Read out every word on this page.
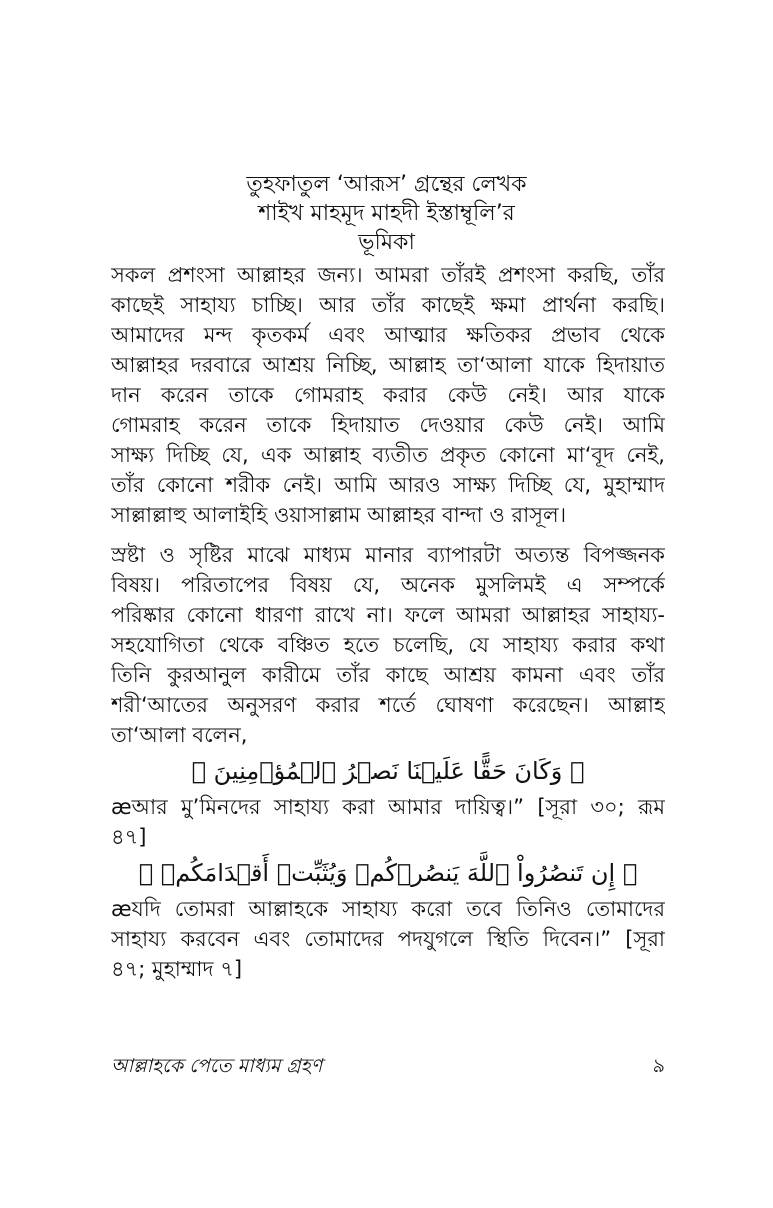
তুহফাতুল ‘আরূস’ গ্রন্থের লেখক
শাইখ মাহমূদ মাহদী ইস্তাম্বূলি’র
ভূমিকা
সকল প্রশংসা আল্লাহর জন্য। আমরা তাঁরই প্রশংসা করছি, তাঁর
কাছেই সাহায্য চাচ্ছি। আর তাঁর কাছেই ক্ষমা প্রার্থনা করছি।
আমাদের মন্দ কৃতকর্ম এবং আত্মার ক্ষতিকর প্রভাব থেকে
আল্লাহর দরবারে আশ্রয় নিচ্ছি, আল্লাহ তা‘আলা যাকে হিদায়াত
দান করেন তাকে গোমরাহ করার কেউ নেই। আর যাকে
গোমরাহ করেন তাকে হিদায়াত দেওয়ার কেউ নেই। আমি
সাক্ষ্য দিচ্ছি যে, এক আল্লাহ ব্যতীত প্রকৃত কোনো মা‘বূদ নেই,
তাঁর কোনো শরীক নেই। আমি আরও সাক্ষ্য দিচ্ছি যে, মুহাম্মাদ
সাল্লাল্লাহু আলাইহি ওয়াসাল্লাম আল্লাহর বান্দা ও রাসূল।
স্রষ্টা ও সৃষ্টির মাঝে মাধ্যম মানার ব্যাপারটা অত্যন্ত বিপজ্জনক
বিষয়। পরিতাপের বিষয় যে, অনেক মুসলিমই এ সম্পর্কে
পরিষ্কার কোনো ধারণা রাখে না। ফলে আমরা আল্লাহর সাহায্য-
সহযোগিতা থেকে বঞ্চিত হতে চলেছি, যে সাহায্য করার কথা
তিনি কুরআনুল কারীমে তাঁর কাছে আশ্রয় কামনা এবং তাঁর
শরী‘আতের অনুসরণ করার শর্তে ঘোষণা করেছেন। আল্লাহ
তা‘আলা বলেন,
﴿ وَكَانَ حَقًّا عَلَيۡنَا نَصۡرُ ٱلۡمُؤۡمِنِينَ ﴾
æআর মু’মিনদের সাহায্য করা আমার দায়িত্ব।” [সূরা ৩০; রূম
৪৭]
﴿ إِن تَنصُرُواْ ٱللَّهَ يَنصُرۡكُمۡ وَيُثَبِّتۡ أَقۡدَامَكُمۡ ﴾
æযদি তোমরা আল্লাহকে সাহায্য করো তবে তিনিও তোমাদের
সাহায্য করবেন এবং তোমাদের পদযুগলে স্থিতি দিবেন।” [সূরা
৪৭; মুহাম্মাদ ৭]
আল্লাহকে পেতে মাধ্যম গ্রহণ	৯
